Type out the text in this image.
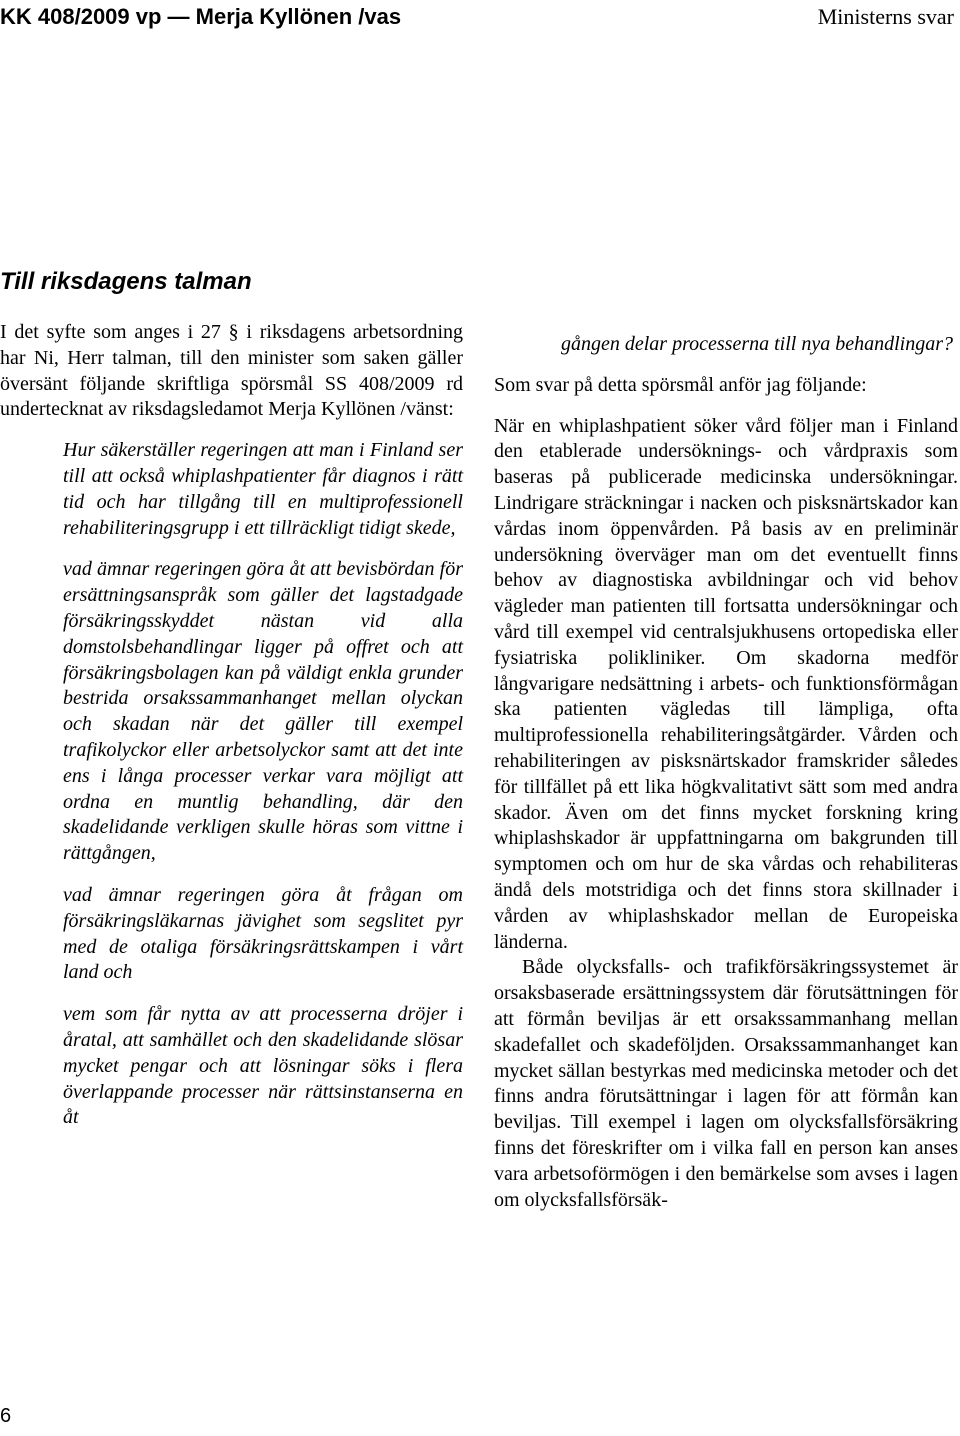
KK 408/2009 vp — Merja Kyllönen /vas	Ministerns svar
Till riksdagens talman

I det syfte som anges i 27 § i riksdagens arbetsordning har Ni, Herr talman, till den minister som saken gäller översänt följande skriftliga spörsmål SS 408/2009 rd undertecknat av riksdagsledamot Merja Kyllönen /vänst:

Hur säkerställer regeringen att man i Finland ser till att också whiplashpatienter får diagnos i rätt tid och har tillgång till en multiprofessionell rehabiliteringsgrupp i ett tillräckligt tidigt skede,

vad ämnar regeringen göra åt att bevisbördan för ersättningsanspråk som gäller det lagstadgade försäkringsskyddet nästan vid alla domstolsbehandlingar ligger på offret och att försäkringsbolagen kan på väldigt enkla grunder bestrida orsakssammanhanget mellan olyckan och skadan när det gäller till exempel trafikolyckor eller arbetsolyckor samt att det inte ens i långa processer verkar vara möjligt att ordna en muntlig behandling, där den skadelidande verkligen skulle höras som vittne i rättgången,

vad ämnar regeringen göra åt frågan om försäkringsläkarnas jävighet som segslitet pyr med de otaliga försäkringsrättskampen i vårt land och

vem som får nytta av att processerna dröjer i åratal, att samhället och den skadelidande slösar mycket pengar och att lösningar söks i flera överlappande processer när rättsinstanserna en åt

gången delar processerna till nya behandlingar?

Som svar på detta spörsmål anför jag följande:

När en whiplashpatient söker vård följer man i Finland den etablerade undersöknings- och vårdpraxis som baseras på publicerade medicinska undersökningar. Lindrigare sträckningar i nacken och pisksnärtskador kan vårdas inom öppenvården. På basis av en preliminär undersökning överväger man om det eventuellt finns behov av diagnostiska avbildningar och vid behov vägleder man patienten till fortsatta undersökningar och vård till exempel vid centralsjukhusens ortopediska eller fysiatriska polikliniker. Om skadorna medför långvarigare nedsättning i arbets- och funktionsförmågan ska patienten vägledas till lämpliga, ofta multiprofessionella rehabiliteringsåtgärder. Vården och rehabiliteringen av pisksnärtskador framskrider således för tillfället på ett lika högkvalitativt sätt som med andra skador. Även om det finns mycket forskning kring whiplashskador är uppfattningarna om bakgrunden till symptomen och om hur de ska vårdas och rehabiliteras ändå dels motstridiga och det finns stora skillnader i vården av whiplashskador mellan de Europeiska länderna.

Både olycksfalls- och trafikförsäkringssystemet är orsaksbaserade ersättningssystem där förutsättningen för att förmån beviljas är ett orsakssammanhang mellan skadefallet och skadeföljden. Orsakssammanhanget kan mycket sällan bestyrkas med medicinska metoder och det finns andra förutsättningar i lagen för att förmån kan beviljas. Till exempel i lagen om olycksfallsförsäkring finns det föreskrifter om i vilka fall en person kan anses vara arbetsoförmögen i den bemärkelse som avses i lagen om olycksfallsförsäk-

6
